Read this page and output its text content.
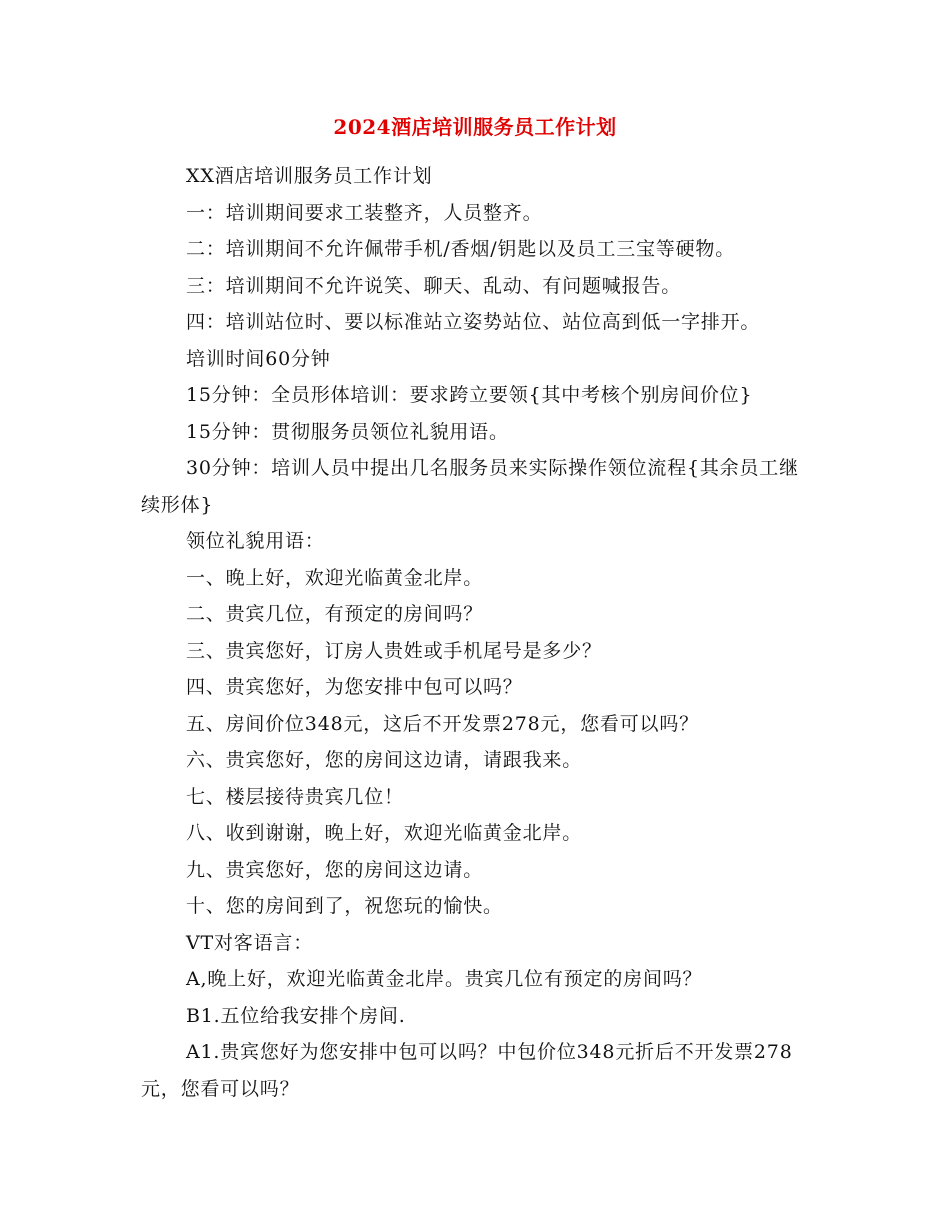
2024酒店培训服务员工作计划

XX酒店培训服务员工作计划

一：培训期间要求工装整齐，人员整齐。

二：培训期间不允许佩带手机/香烟/钥匙以及员工三宝等硬物。

三：培训期间不允许说笑、聊天、乱动、有问题喊报告。

四：培训站位时、要以标准站立姿势站位、站位高到低一字排开。

培训时间60分钟

15分钟：全员形体培训：要求跨立要领{其中考核个别房间价位}

15分钟：贯彻服务员领位礼貌用语。

30分钟：培训人员中提出几名服务员来实际操作领位流程{其余员工继续形体}

领位礼貌用语：

一、晚上好，欢迎光临黄金北岸。

二、贵宾几位，有预定的房间吗？

三、贵宾您好，订房人贵姓或手机尾号是多少？

四、贵宾您好，为您安排中包可以吗？

五、房间价位348元，这后不开发票278元，您看可以吗？

六、贵宾您好，您的房间这边请，请跟我来。

七、楼层接待贵宾几位！

八、收到谢谢，晚上好，欢迎光临黄金北岸。

九、贵宾您好，您的房间这边请。

十、您的房间到了，祝您玩的愉快。

VT对客语言：

A,晚上好，欢迎光临黄金北岸。贵宾几位有预定的房间吗？

B1.五位给我安排个房间.

A1.贵宾您好为您安排中包可以吗？中包价位348元折后不开发票278元，您看可以吗？
